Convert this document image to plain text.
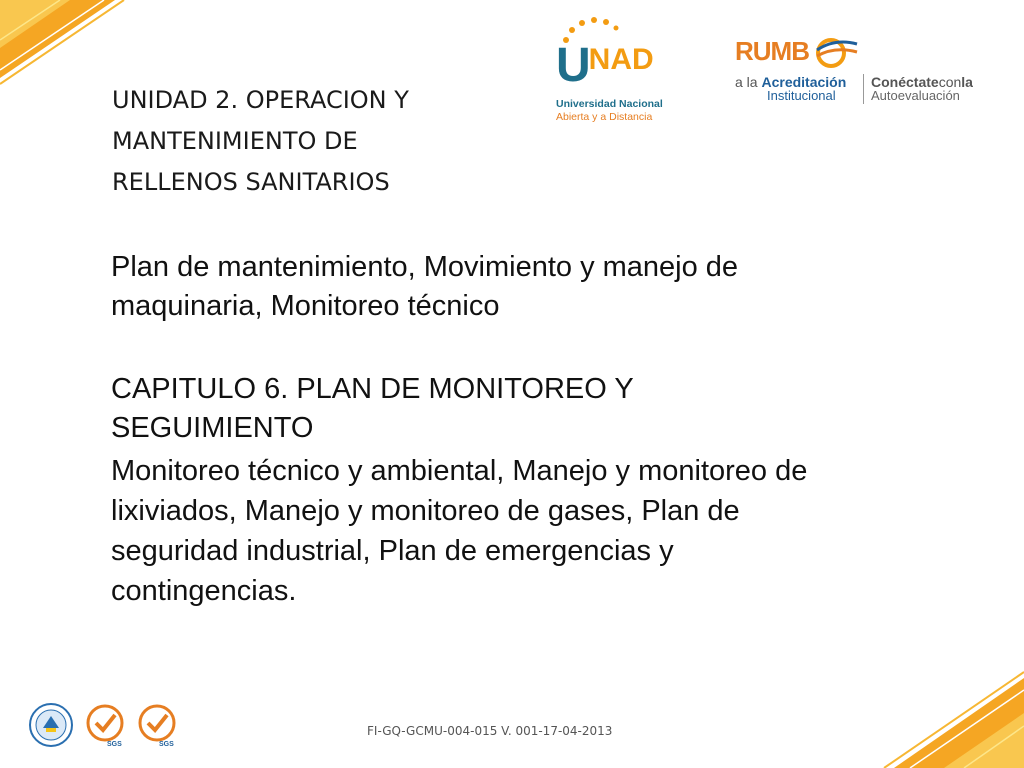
$U^{NAD}$
Universidad Nacional
Abierta y a Distancia
RUMB
a la Acreditación
Institucional
Conéctateconla
Autoevaluación
UNIDAD 2. OPERACION Y
MANTENIMIENTO DE
RELLENOS SANITARIOS
Plan de mantenimiento, Movimiento y manejo de
maquinaria, Monitoreo técnico
CAPITULO 6. PLAN DE MONITOREO Y
SEGUIMIENTO
Monitoreo técnico y ambiental, Manejo y monitoreo de
lixiviados, Manejo y monitoreo de gases, Plan de
seguridad industrial, Plan de emergencias y
contingencias.
SGS	SGS
FI-GQ-GCMU-004-015 V. 001-17-04-2013
